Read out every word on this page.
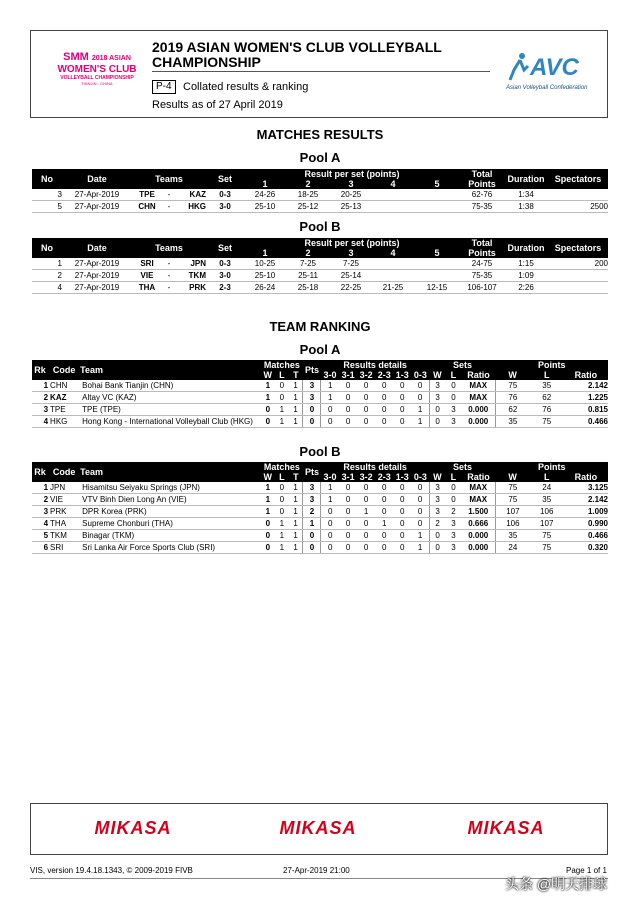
SMM 2018 ASIAN
WOMEN'S CLUB
VOLLEYBALL CHAMPIONSHIP
TIANJIN - CHINA
2019 ASIAN WOMEN'S CLUB VOLLEYBALL
CHAMPIONSHIP
P-4	Collated results & ranking
Results as of 27 April 2019
AVC
Asian Volleyball Confederation
MATCHES RESULTS
Pool A
No	Date	Teams			Set	Result per set (points)					Total	Duration	Spectators
						1	2	3	4	5	Points		
3	27-Apr-2019	TPE	-	KAZ	0-3	24-26	18-25	20-25			62-76	1:34	
5	27-Apr-2019	CHN	-	HKG	3-0	25-10	25-12	25-13			75-35	1:38	2500
Pool B
No	Date	Teams			Set	Result per set (points)					Total	Duration	Spectators
						1	2	3	4	5	Points		
1	27-Apr-2019	SRI	-	JPN	0-3	10-25	7-25	7-25			24-75	1:15	200
2	27-Apr-2019	VIE	-	TKM	3-0	25-10	25-11	25-14			75-35	1:09	
4	27-Apr-2019	THA	-	PRK	2-3	26-24	25-18	22-25	21-25	12-15	106-107	2:26	
TEAM RANKING
Pool A
Rk	Code	Team	Matches			Pts	Results details						Sets			Points		
			W	L	T		3-0	3-1	3-2	2-3	1-3	0-3	W	L	Ratio	W	L	Ratio
1	CHN	Bohai Bank Tianjin (CHN)	1	0	1	3	1	0	0	0	0	0	3	0	MAX	75	35	2.142
2	KAZ	Altay VC (KAZ)	1	0	1	3	1	0	0	0	0	0	3	0	MAX	76	62	1.225
3	TPE	TPE (TPE)	0	1	1	0	0	0	0	0	0	1	0	3	0.000	62	76	0.815
4	HKG	Hong Kong - International Volleyball Club (HKG)	0	1	1	0	0	0	0	0	0	1	0	3	0.000	35	75	0.466
Pool B
Rk	Code	Team	Matches			Pts	Results details						Sets			Points		
			W	L	T		3-0	3-1	3-2	2-3	1-3	0-3	W	L	Ratio	W	L	Ratio
1	JPN	Hisamitsu Seiyaku Springs (JPN)	1	0	1	3	1	0	0	0	0	0	3	0	MAX	75	24	3.125
2	VIE	VTV Binh Dien Long An (VIE)	1	0	1	3	1	0	0	0	0	0	3	0	MAX	75	35	2.142
3	PRK	DPR Korea (PRK)	1	0	1	2	0	0	1	0	0	0	3	2	1.500	107	106	1.009
4	THA	Supreme Chonburi (THA)	0	1	1	1	0	0	0	1	0	0	2	3	0.666	106	107	0.990
5	TKM	Binagar (TKM)	0	1	1	0	0	0	0	0	0	1	0	3	0.000	35	75	0.466
6	SRI	Sri Lanka Air Force Sports Club (SRI)	0	1	1	0	0	0	0	0	0	1	0	3	0.000	24	75	0.320
MIKASA	MIKASA	MIKASA
VIS, version 19.4.18.1343, © 2009-2019 FIVB	27-Apr-2019 21:00	Page 1 of 1
头条 @明天排球
